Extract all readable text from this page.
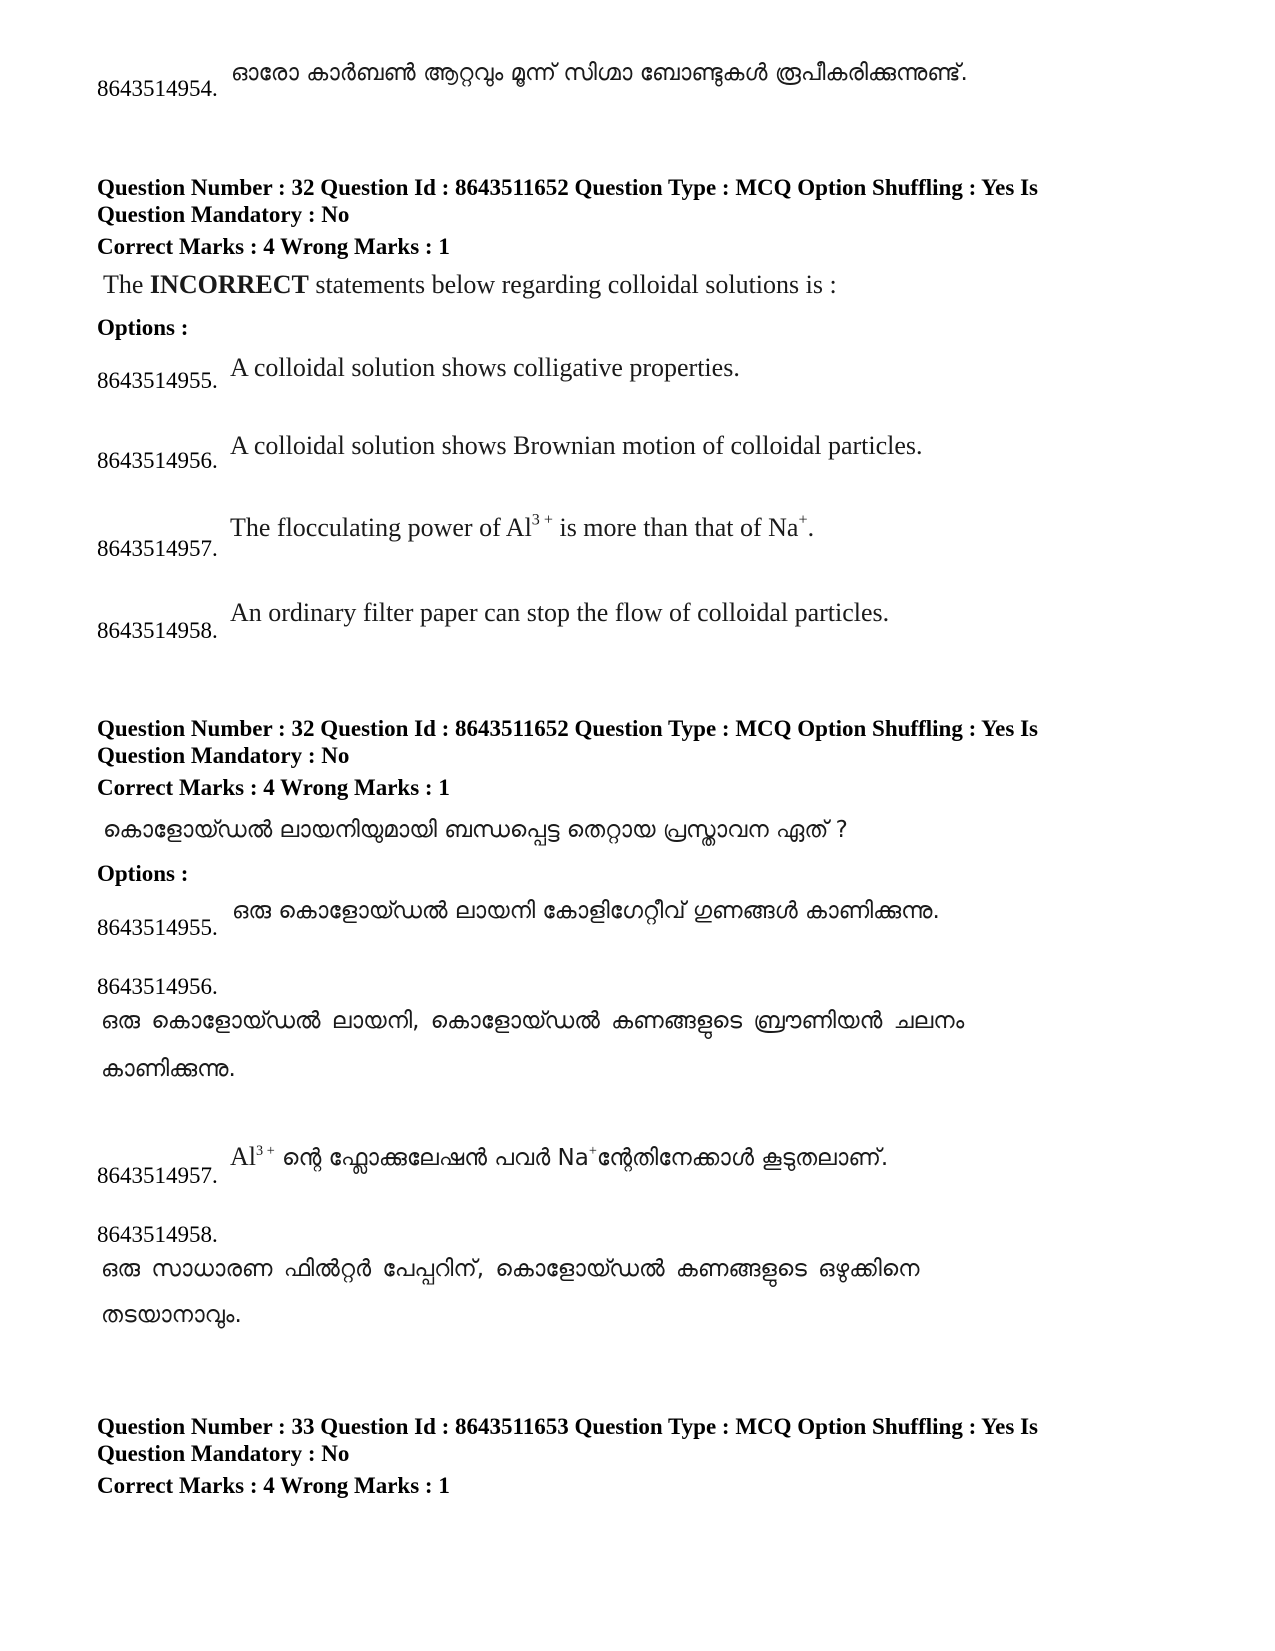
8643514954.
ഓരോ കാർബൺ ആറ്റവും മൂന്ന് സിഗ്മാ ബോണ്ടുകൾ രൂപീകരിക്കുന്നുണ്ട്.
Question Number : 32 Question Id : 8643511652 Question Type : MCQ Option Shuffling : Yes Is
Question Mandatory : No
Correct Marks : 4 Wrong Marks : 1
The INCORRECT statements below regarding colloidal solutions is :
Options :
8643514955. A colloidal solution shows colligative properties.
8643514956.
A colloidal solution shows Brownian motion of colloidal particles.
8643514957.
The flocculating power of $Al^{3 +}$ is more than that of Na+.
8643514958.
An ordinary filter paper can stop the flow of colloidal particles.
Question Number : 32 Question Id : 8643511652 Question Type : MCQ Option Shuffling : Yes Is
Question Mandatory : No
Correct Marks : 4 Wrong Marks : 1
കൊളോയ്ഡൽ ലായനിയുമായി ബന്ധപ്പെട്ട തെറ്റായ പ്രസ്താവന ഏത് ?
Options :
8643514955.
ഒരു കൊളോയ്ഡൽ ലായനി കോളിഗേറ്റീവ് ഗുണങ്ങൾ കാണിക്കുന്നു.
8643514956.
ഒരു കൊളോയ്ഡൽ ലായനി, കൊളോയ്ഡൽ കണങ്ങളുടെ ബ്രൗണിയൻ ചലനം
കാണിക്കുന്നു.
8643514957.
$Al^{3 +}$ ന്റെ ഫ്ലോക്കുലേഷൻ പവർ Na+ന്റേതിനേക്കാൾ കൂടുതലാണ്.
8643514958.
ഒരു സാധാരണ ഫിൽറ്റർ പേപ്പറിന്, കൊളോയ്ഡൽ കണങ്ങളുടെ ഒഴുക്കിനെ
തടയാനാവും.
Question Number : 33 Question Id : 8643511653 Question Type : MCQ Option Shuffling : Yes Is
Question Mandatory : No
Correct Marks : 4 Wrong Marks : 1
